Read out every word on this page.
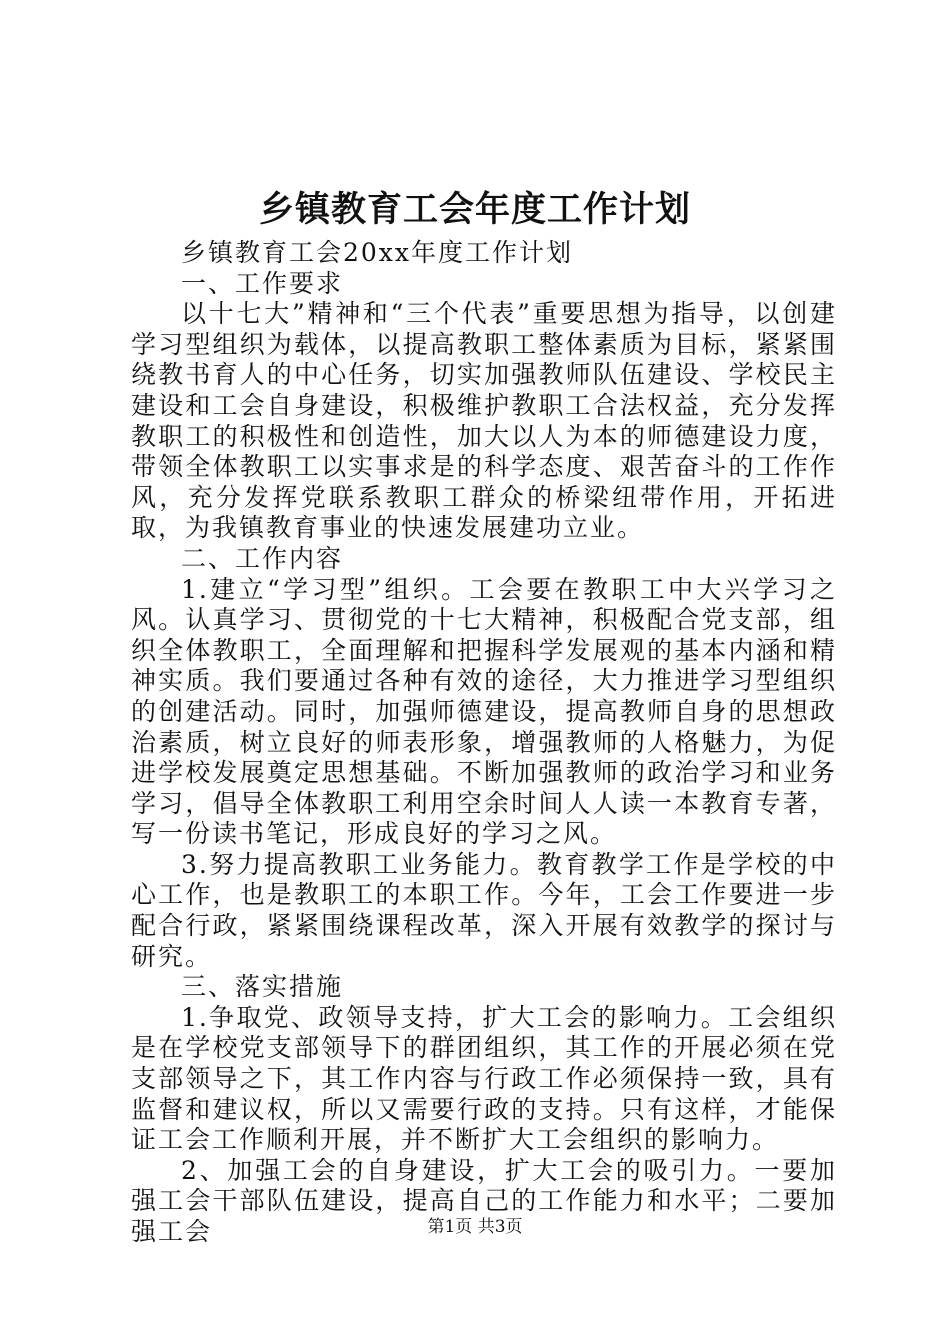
乡镇教育工会年度工作计划

乡镇教育工会20xx年度工作计划

一、工作要求

以十七大”精神和“三个代表”重要思想为指导，以创建学习型组织为载体，以提高教职工整体素质为目标，紧紧围绕教书育人的中心任务，切实加强教师队伍建设、学校民主建设和工会自身建设，积极维护教职工合法权益，充分发挥教职工的积极性和创造性，加大以人为本的师德建设力度，带领全体教职工以实事求是的科学态度、艰苦奋斗的工作作风，充分发挥党联系教职工群众的桥梁纽带作用，开拓进取，为我镇教育事业的快速发展建功立业。

二、工作内容

1.建立“学习型”组织。工会要在教职工中大兴学习之风。认真学习、贯彻党的十七大精神，积极配合党支部，组织全体教职工，全面理解和把握科学发展观的基本内涵和精神实质。我们要通过各种有效的途径，大力推进学习型组织的创建活动。同时，加强师德建设，提高教师自身的思想政治素质，树立良好的师表形象，增强教师的人格魅力，为促进学校发展奠定思想基础。不断加强教师的政治学习和业务学习，倡导全体教职工利用空余时间人人读一本教育专著，写一份读书笔记，形成良好的学习之风。

3.努力提高教职工业务能力。教育教学工作是学校的中心工作，也是教职工的本职工作。今年，工会工作要进一步配合行政，紧紧围绕课程改革，深入开展有效教学的探讨与研究。

三、落实措施

1.争取党、政领导支持，扩大工会的影响力。工会组织是在学校党支部领导下的群团组织，其工作的开展必须在党支部领导之下，其工作内容与行政工作必须保持一致，具有监督和建议权，所以又需要行政的支持。只有这样，才能保证工会工作顺利开展，并不断扩大工会组织的影响力。

2、加强工会的自身建设，扩大工会的吸引力。一要加强工会干部队伍建设，提高自己的工作能力和水平；二要加强工会	第1页 共3页
